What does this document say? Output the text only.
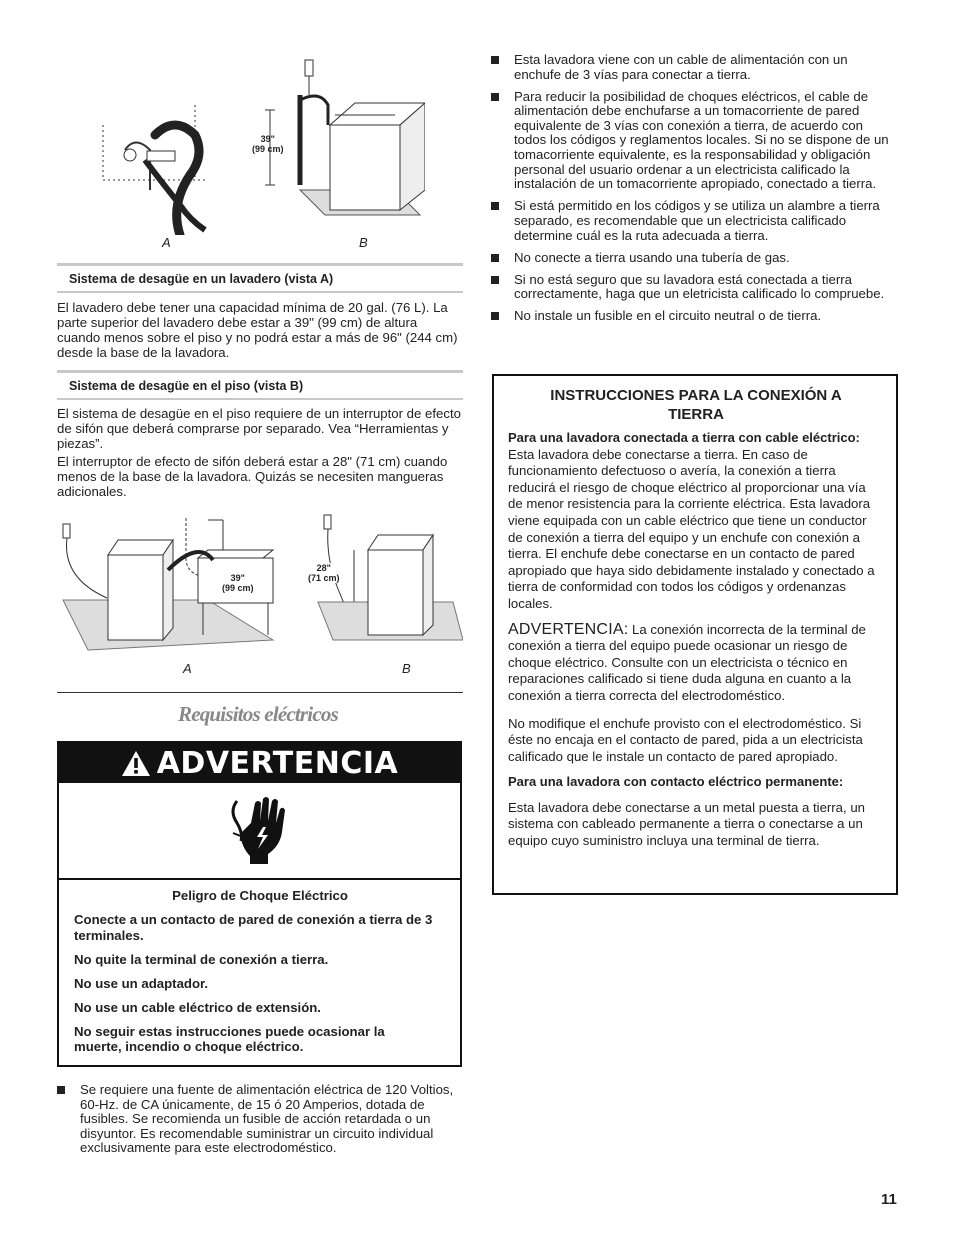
39"
(99 cm)
A	B
Sistema de desagüe en un lavadero (vista A)

El lavadero debe tener una capacidad mínima de 20 gal. (76 L). La parte superior del lavadero debe estar a 39" (99 cm) de altura cuando menos sobre el piso y no podrá estar a más de 96" (244 cm) desde la base de la lavadora.

Sistema de desagüe en el piso (vista B)

El sistema de desagüe en el piso requiere de un interruptor de efecto de sifón que deberá comprarse por separado. Vea “Herramientas y piezas”.

El interruptor de efecto de sifón deberá estar a 28" (71 cm) cuando menos de la base de la lavadora. Quizás se necesiten mangueras adicionales.

39"
(99 cm)
28"
(71 cm)
A	B
Requisitos eléctricos
ADVERTENCIA

Peligro de Choque Eléctrico

Conecte a un contacto de pared de conexión a tierra de 3 terminales.

No quite la terminal de conexión a tierra.

No use un adaptador.

No use un cable eléctrico de extensión.

No seguir estas instrucciones puede ocasionar la muerte, incendio o choque eléctrico.

Se requiere una fuente de alimentación eléctrica de 120 Voltios, 60-Hz. de CA únicamente, de 15 ó 20 Amperios, dotada de fusibles. Se recomienda un fusible de acción retardada o un disyuntor. Es recomendable suministrar un circuito individual exclusivamente para este electrodoméstico.
Esta lavadora viene con un cable de alimentación con un enchufe de 3 vías para conectar a tierra.
Para reducir la posibilidad de choques eléctricos, el cable de alimentación debe enchufarse a un tomacorriente de pared equivalente de 3 vías con conexión a tierra, de acuerdo con todos los códigos y reglamentos locales. Si no se dispone de un tomacorriente equivalente, es la responsabilidad y obligación personal del usuario ordenar a un electricista calificado la instalación de un tomacorriente apropiado, conectado a tierra.
Si está permitido en los códigos y se utiliza un alambre a tierra separado, es recomendable que un electricista calificado determine cuál es la ruta adecuada a tierra.
No conecte a tierra usando una tubería de gas.
Si no está seguro que su lavadora está conectada a tierra correctamente, haga que un eletricista calificado lo compruebe.
No instale un fusible en el circuito neutral o de tierra.
INSTRUCCIONES PARA LA CONEXIÓN A TIERRA

Para una lavadora conectada a tierra con cable eléctrico:

Esta lavadora debe conectarse a tierra. En caso de funcionamiento defectuoso o avería, la conexión a tierra reducirá el riesgo de choque eléctrico al proporcionar una vía de menor resistencia para la corriente eléctrica. Esta lavadora viene equipada con un cable eléctrico que tiene un conductor de conexión a tierra del equipo y un enchufe con conexión a tierra. El enchufe debe conectarse en un contacto de pared apropiado que haya sido debidamente instalado y conectado a tierra de conformidad con todos los códigos y ordenanzas locales.

ADVERTENCIA: La conexión incorrecta de la terminal de conexión a tierra del equipo puede ocasionar un riesgo de choque eléctrico. Consulte con un electricista o técnico en reparaciones calificado si tiene duda alguna en cuanto a la conexión a tierra correcta del electrodoméstico.

No modifique el enchufe provisto con el electrodoméstico. Si éste no encaja en el contacto de pared, pida a un electricista calificado que le instale un contacto de pared apropiado.

Para una lavadora con contacto eléctrico permanente:

Esta lavadora debe conectarse a un metal puesta a tierra, un sistema con cableado permanente a tierra o conectarse a un equipo cuyo suministro incluya una terminal de tierra.

11
